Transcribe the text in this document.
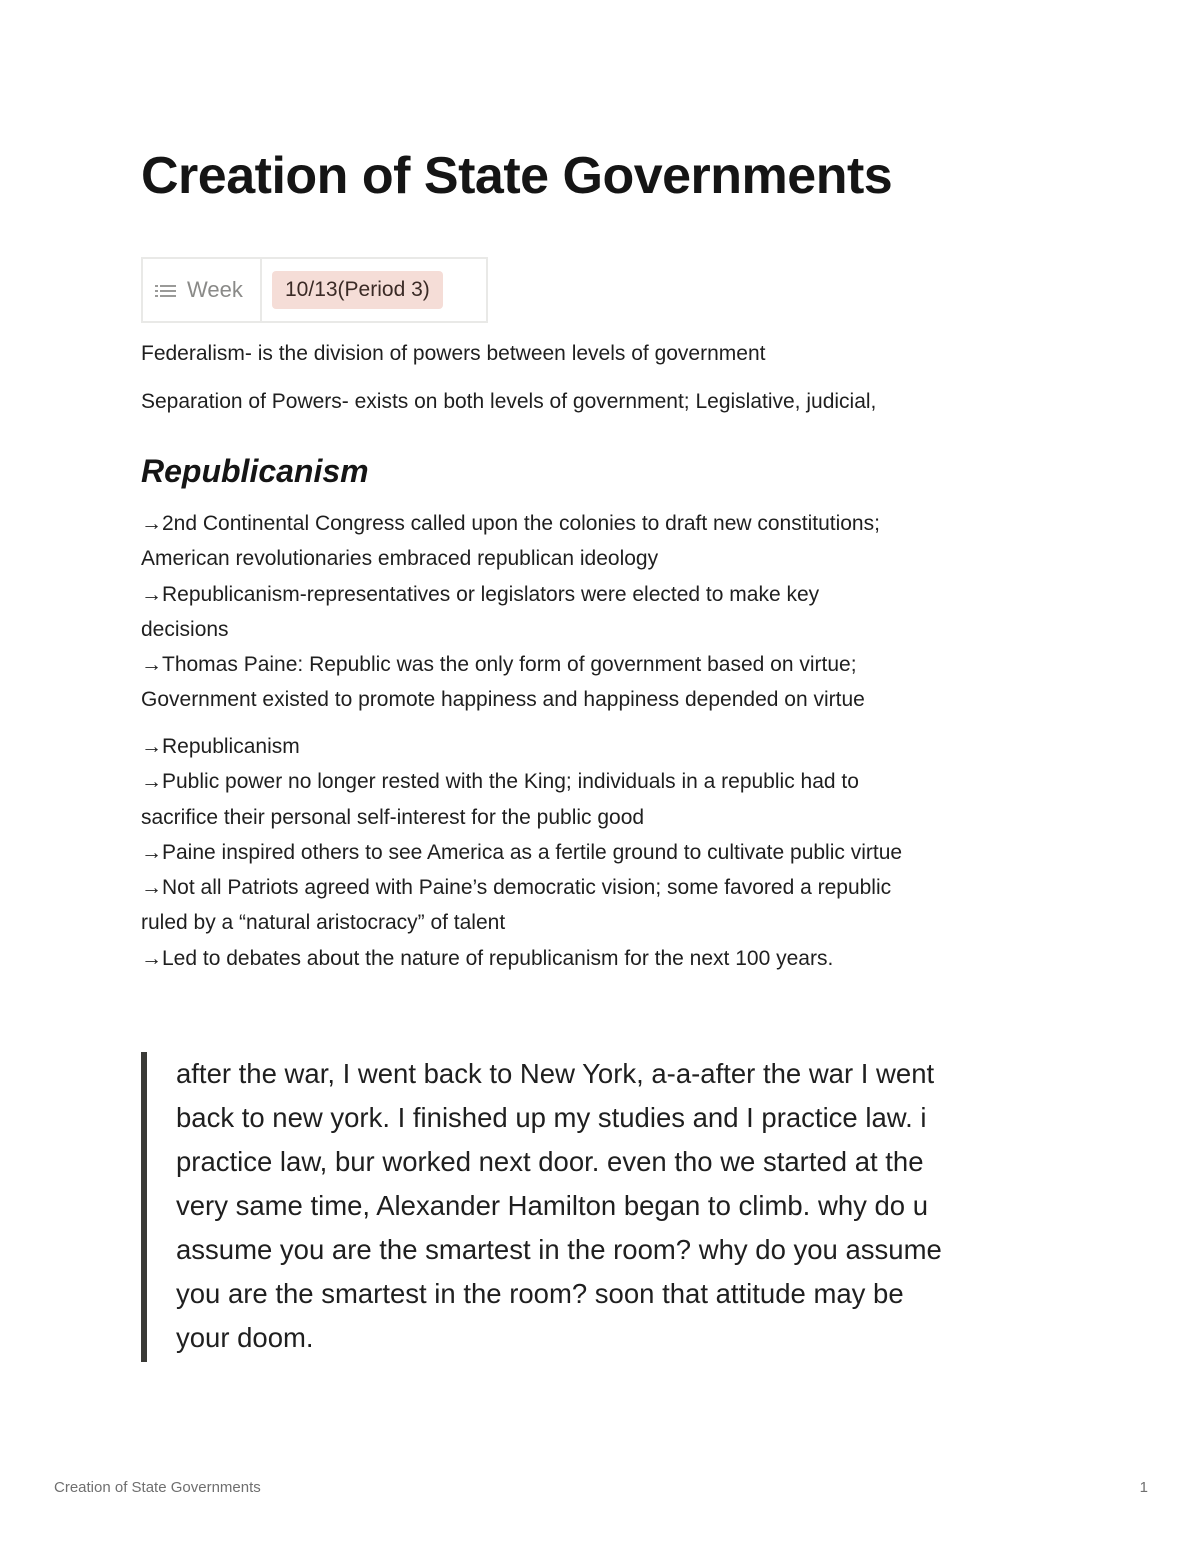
Creation of State Governments
Week	10/13(Period 3)

Federalism- is the division of powers between levels of government

Separation of Powers- exists on both levels of government; Legislative, judicial,

Republicanism
→2nd Continental Congress called upon the colonies to draft new constitutions;
American revolutionaries embraced republican ideology
→Republicanism-representatives or legislators were elected to make key
decisions
→Thomas Paine: Republic was the only form of government based on virtue;
Government existed to promote happiness and happiness depended on virtue
→Republicanism
→Public power no longer rested with the King; individuals in a republic had to
sacrifice their personal self-interest for the public good
→Paine inspired others to see America as a fertile ground to cultivate public virtue
→Not all Patriots agreed with Paine’s democratic vision; some favored a republic
ruled by a “natural aristocracy” of talent
→Led to debates about the nature of republicanism for the next 100 years.
after the war, I went back to New York, a-a-after the war I went
back to new york. I finished up my studies and I practice law. i
practice law, bur worked next door. even tho we started at the
very same time, Alexander Hamilton began to climb. why do u
assume you are the smartest in the room? why do you assume
you are the smartest in the room? soon that attitude may be
your doom.
Creation of State Governments	1
